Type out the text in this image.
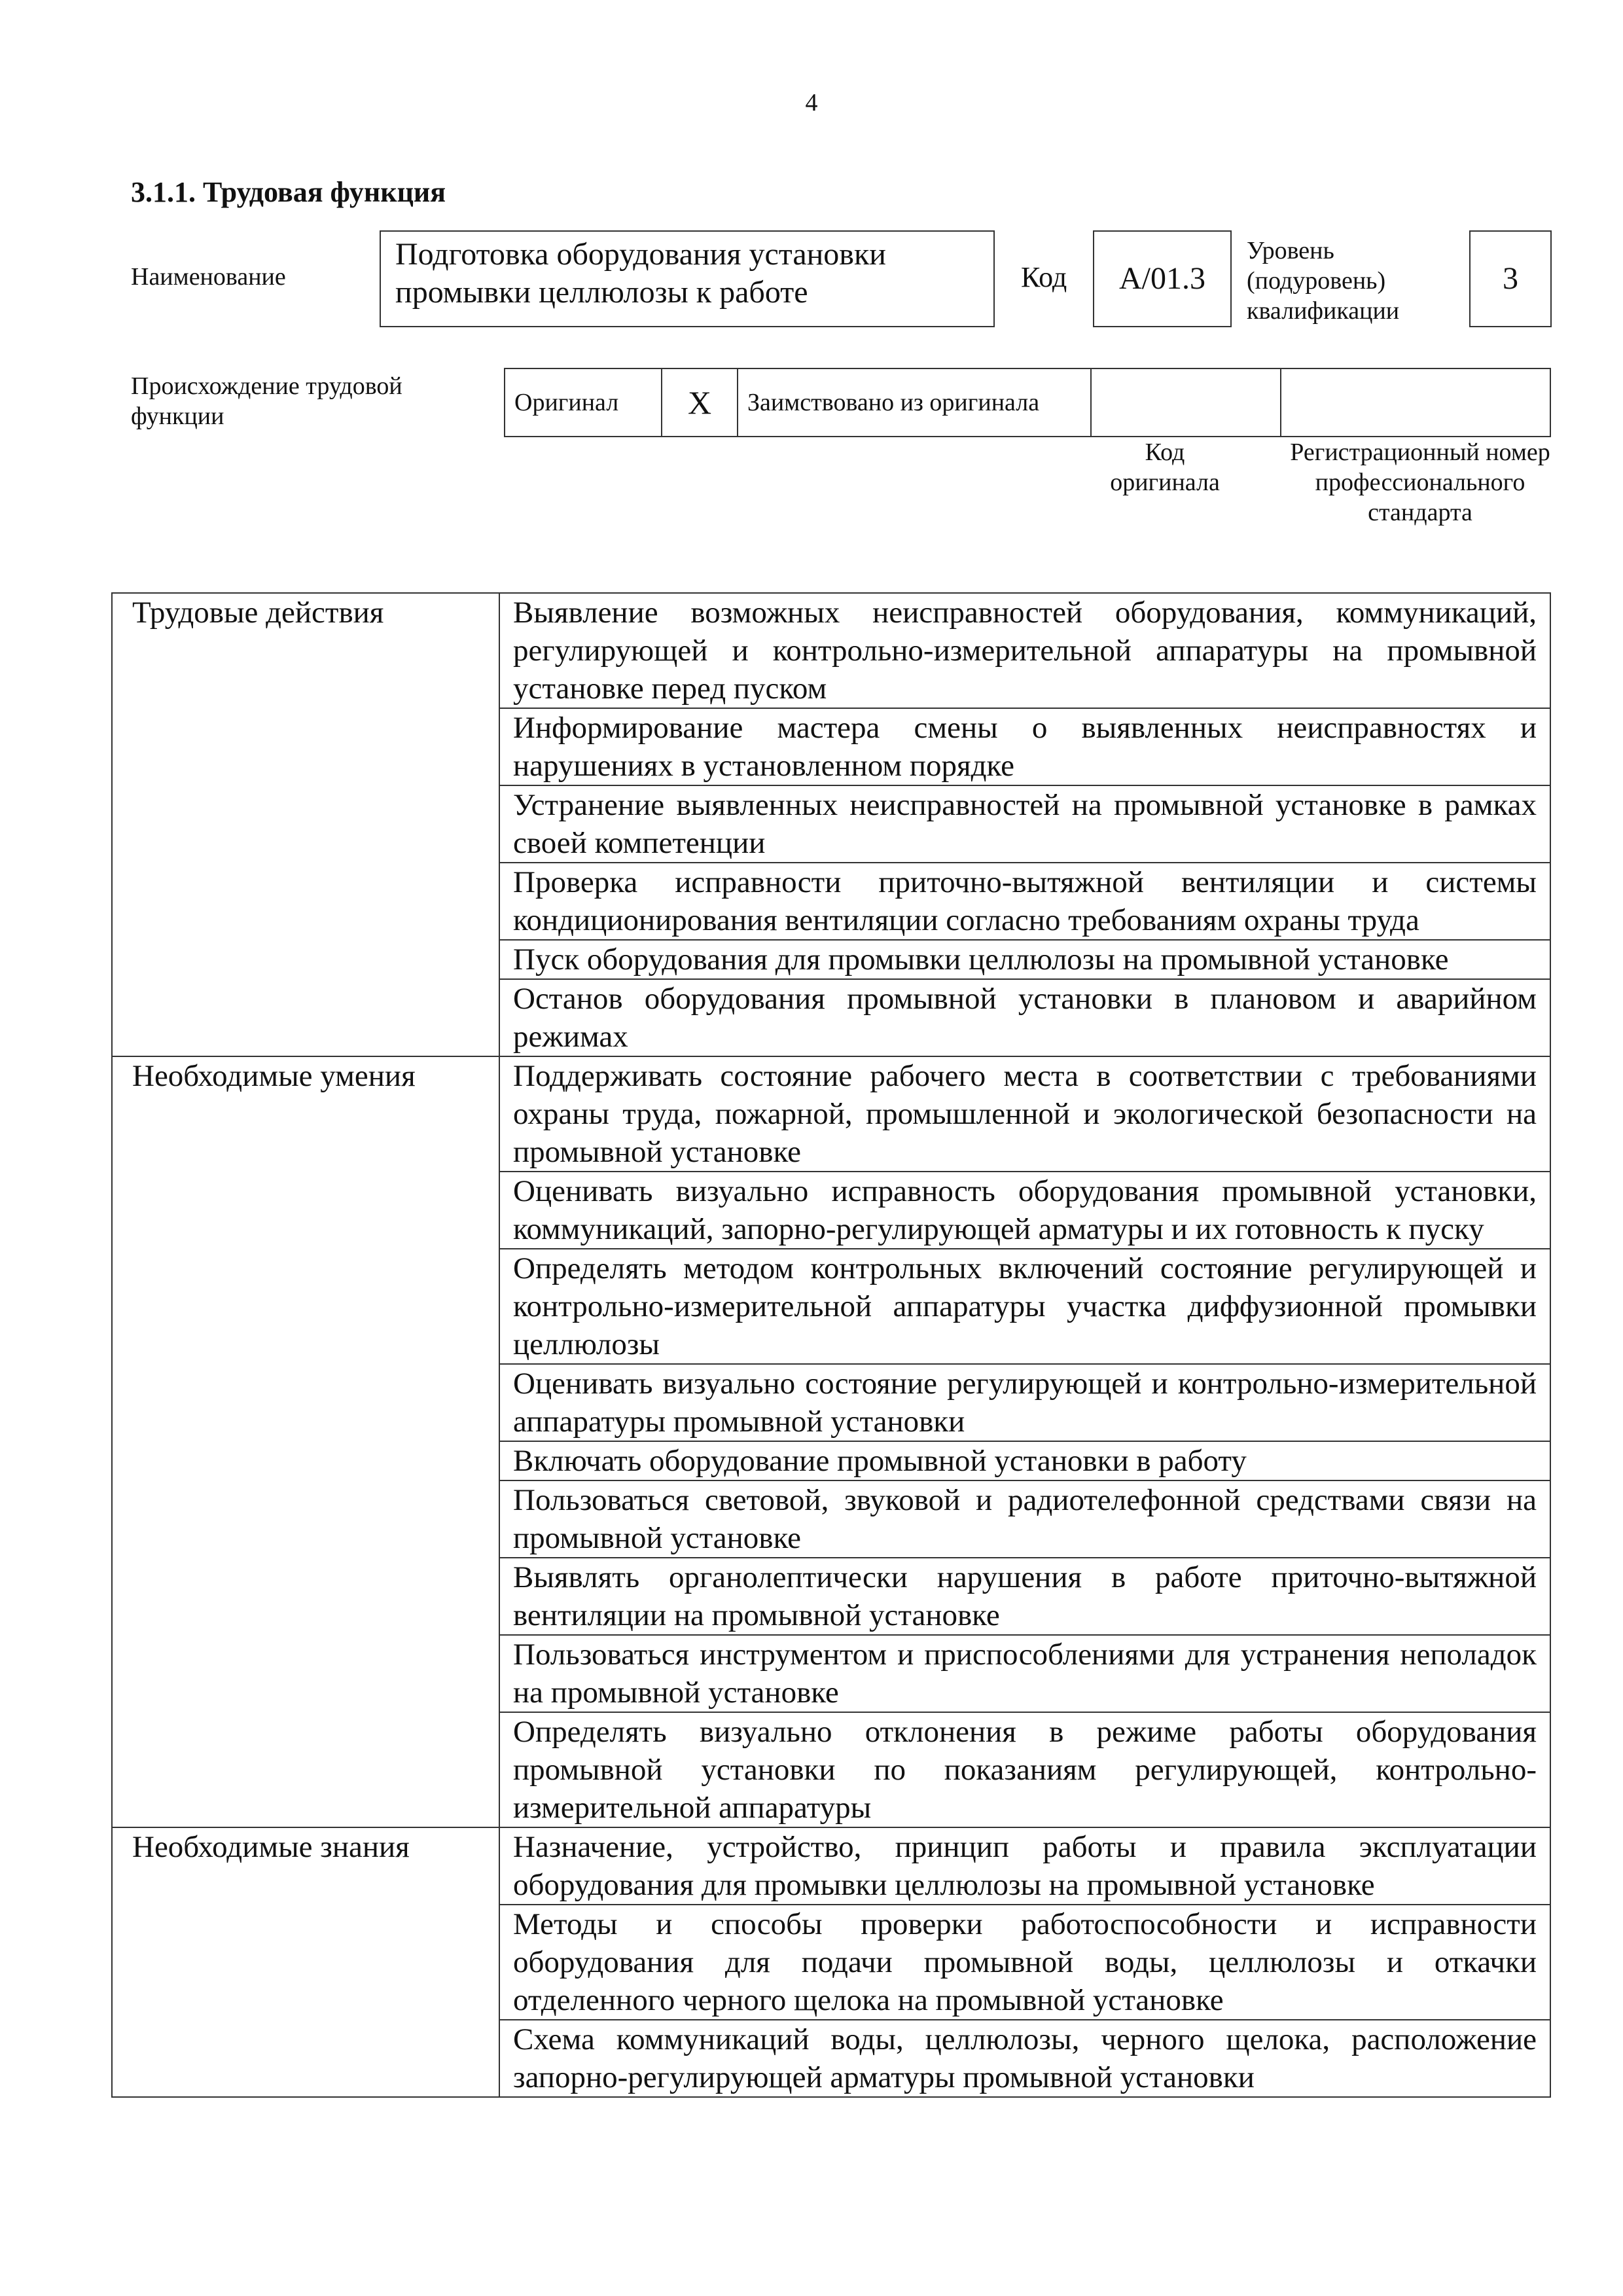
4
3.1.1. Трудовая функция
Наименование
Подготовка оборудования установки промывки целлюлозы к работе	Код A/01.3
Уровень (подуровень) квалификации
3
Происхождение трудовой функции	Оригинал	X	Заимствовано из оригинала		
Код оригинала
Регистрационный номер профессионального стандарта
Трудовые действия	Выявление возможных неисправностей оборудования, коммуникаций, регулирующей и контрольно-измерительной аппаратуры на промывной установке перед пуском
	Информирование мастера смены о выявленных неисправностях и нарушениях в установленном порядке
	Устранение выявленных неисправностей на промывной установке в рамках своей компетенции
	Проверка исправности приточно-вытяжной вентиляции и системы кондиционирования вентиляции согласно требованиям охраны труда
	Пуск оборудования для промывки целлюлозы на промывной установке
	Останов оборудования промывной установки в плановом и аварийном режимах
Необходимые умения	Поддерживать состояние рабочего места в соответствии с требованиями охраны труда, пожарной, промышленной и экологической безопасности на промывной установке
	Оценивать визуально исправность оборудования промывной установки, коммуникаций, запорно-регулирующей арматуры и их готовность к пуску
	Определять методом контрольных включений состояние регулирующей и контрольно-измерительной аппаратуры участка диффузионной промывки целлюлозы
	Оценивать визуально состояние регулирующей и контрольно-измерительной аппаратуры промывной установки
	Включать оборудование промывной установки в работу
	Пользоваться световой, звуковой и радиотелефонной средствами связи на промывной установке
	Выявлять органолептически нарушения в работе приточно-вытяжной вентиляции на промывной установке
	Пользоваться инструментом и приспособлениями для устранения неполадок на промывной установке
	Определять визуально отклонения в режиме работы оборудования промывной установки по показаниям регулирующей, контрольно-измерительной аппаратуры
Необходимые знания	Назначение, устройство, принцип работы и правила эксплуатации оборудования для промывки целлюлозы на промывной установке
	Методы и способы проверки работоспособности и исправности оборудования для подачи промывной воды, целлюлозы и откачки отделенного черного щелока на промывной установке
	Схема коммуникаций воды, целлюлозы, черного щелока, расположение запорно-регулирующей арматуры промывной установки
